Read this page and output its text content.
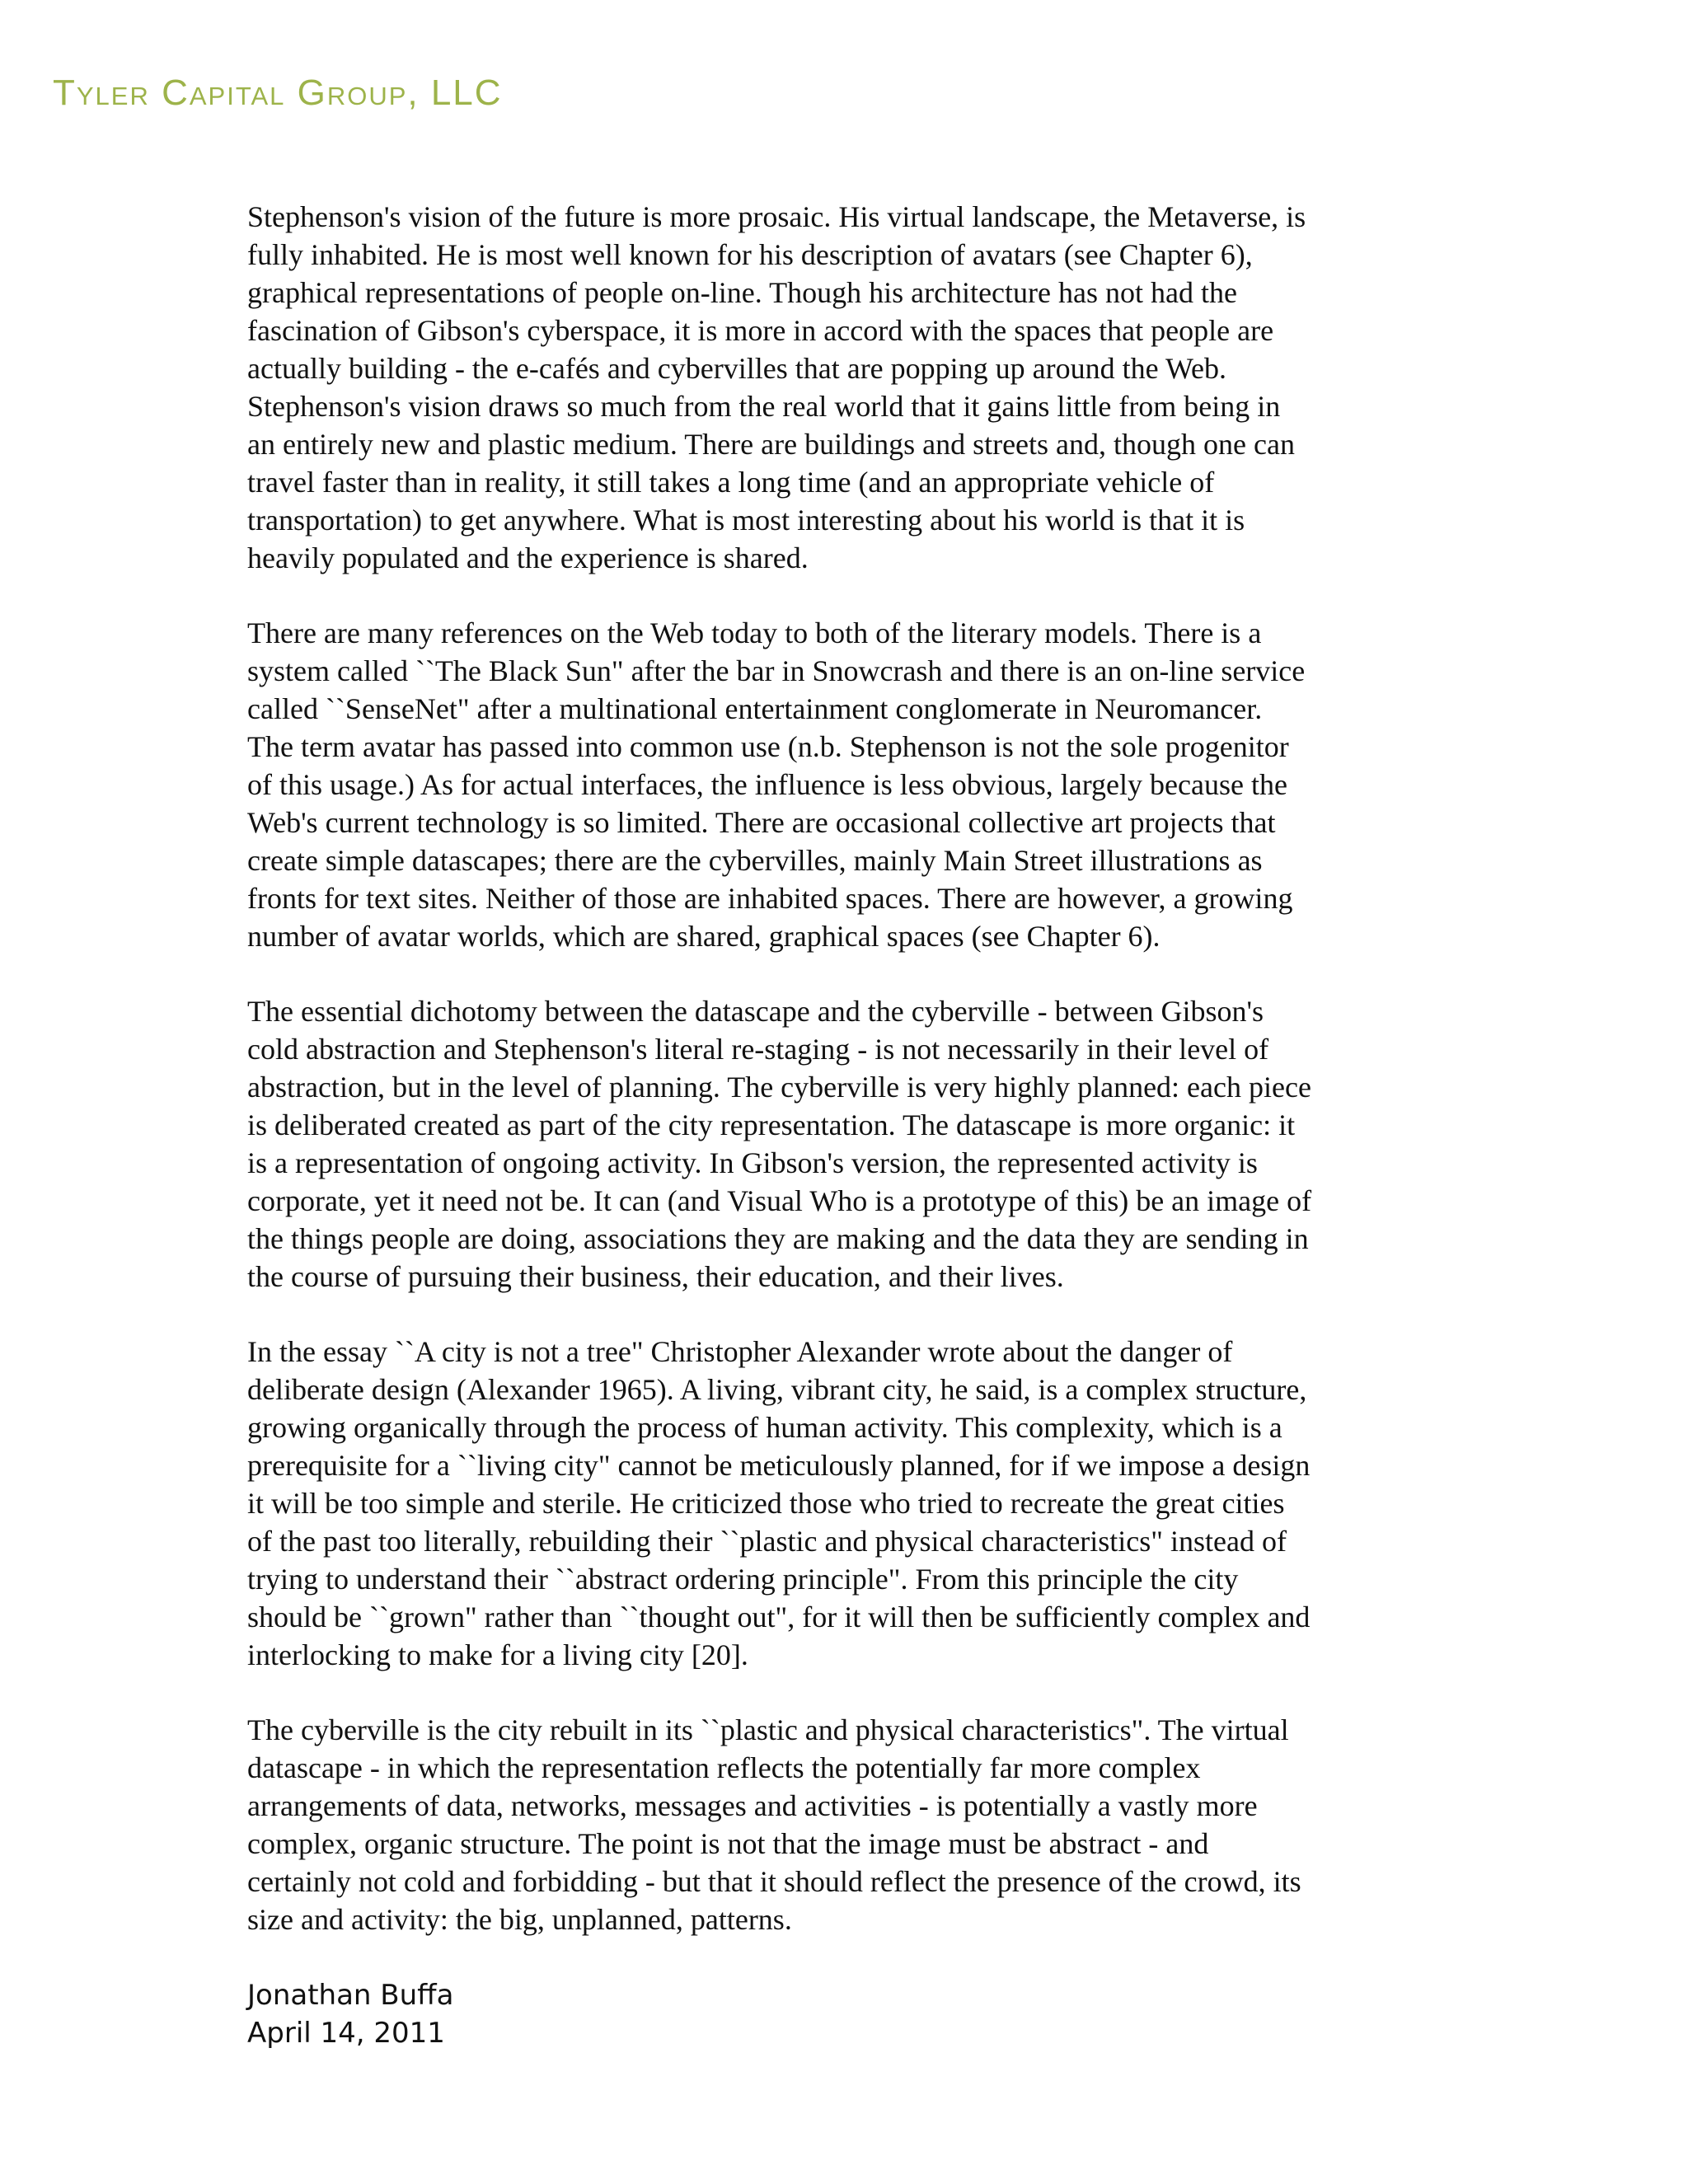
Tyler Capital Group, LLC
Stephenson's vision of the future is more prosaic. His virtual landscape, the Metaverse, is
fully inhabited. He is most well known for his description of avatars (see Chapter 6),
graphical representations of people on-line. Though his architecture has not had the
fascination of Gibson's cyberspace, it is more in accord with the spaces that people are
actually building - the e-cafés and cybervilles that are popping up around the Web.
Stephenson's vision draws so much from the real world that it gains little from being in
an entirely new and plastic medium. There are buildings and streets and, though one can
travel faster than in reality, it still takes a long time (and an appropriate vehicle of
transportation) to get anywhere. What is most interesting about his world is that it is
heavily populated and the experience is shared.
There are many references on the Web today to both of the literary models. There is a
system called ``The Black Sun" after the bar in Snowcrash and there is an on-line service
called ``SenseNet" after a multinational entertainment conglomerate in Neuromancer.
The term avatar has passed into common use (n.b. Stephenson is not the sole progenitor
of this usage.) As for actual interfaces, the influence is less obvious, largely because the
Web's current technology is so limited. There are occasional collective art projects that
create simple datascapes; there are the cybervilles, mainly Main Street illustrations as
fronts for text sites. Neither of those are inhabited spaces. There are however, a growing
number of avatar worlds, which are shared, graphical spaces (see Chapter 6).
The essential dichotomy between the datascape and the cyberville - between Gibson's
cold abstraction and Stephenson's literal re-staging - is not necessarily in their level of
abstraction, but in the level of planning. The cyberville is very highly planned: each piece
is deliberated created as part of the city representation. The datascape is more organic: it
is a representation of ongoing activity. In Gibson's version, the represented activity is
corporate, yet it need not be. It can (and Visual Who is a prototype of this) be an image of
the things people are doing, associations they are making and the data they are sending in
the course of pursuing their business, their education, and their lives.
In the essay ``A city is not a tree" Christopher Alexander wrote about the danger of
deliberate design (Alexander 1965). A living, vibrant city, he said, is a complex structure,
growing organically through the process of human activity. This complexity, which is a
prerequisite for a ``living city" cannot be meticulously planned, for if we impose a design
it will be too simple and sterile. He criticized those who tried to recreate the great cities
of the past too literally, rebuilding their ``plastic and physical characteristics" instead of
trying to understand their ``abstract ordering principle". From this principle the city
should be ``grown" rather than ``thought out", for it will then be sufficiently complex and
interlocking to make for a living city [20].
The cyberville is the city rebuilt in its ``plastic and physical characteristics". The virtual
datascape - in which the representation reflects the potentially far more complex
arrangements of data, networks, messages and activities - is potentially a vastly more
complex, organic structure. The point is not that the image must be abstract - and
certainly not cold and forbidding - but that it should reflect the presence of the crowd, its
size and activity: the big, unplanned, patterns.
Jonathan Buffa
April 14, 2011
